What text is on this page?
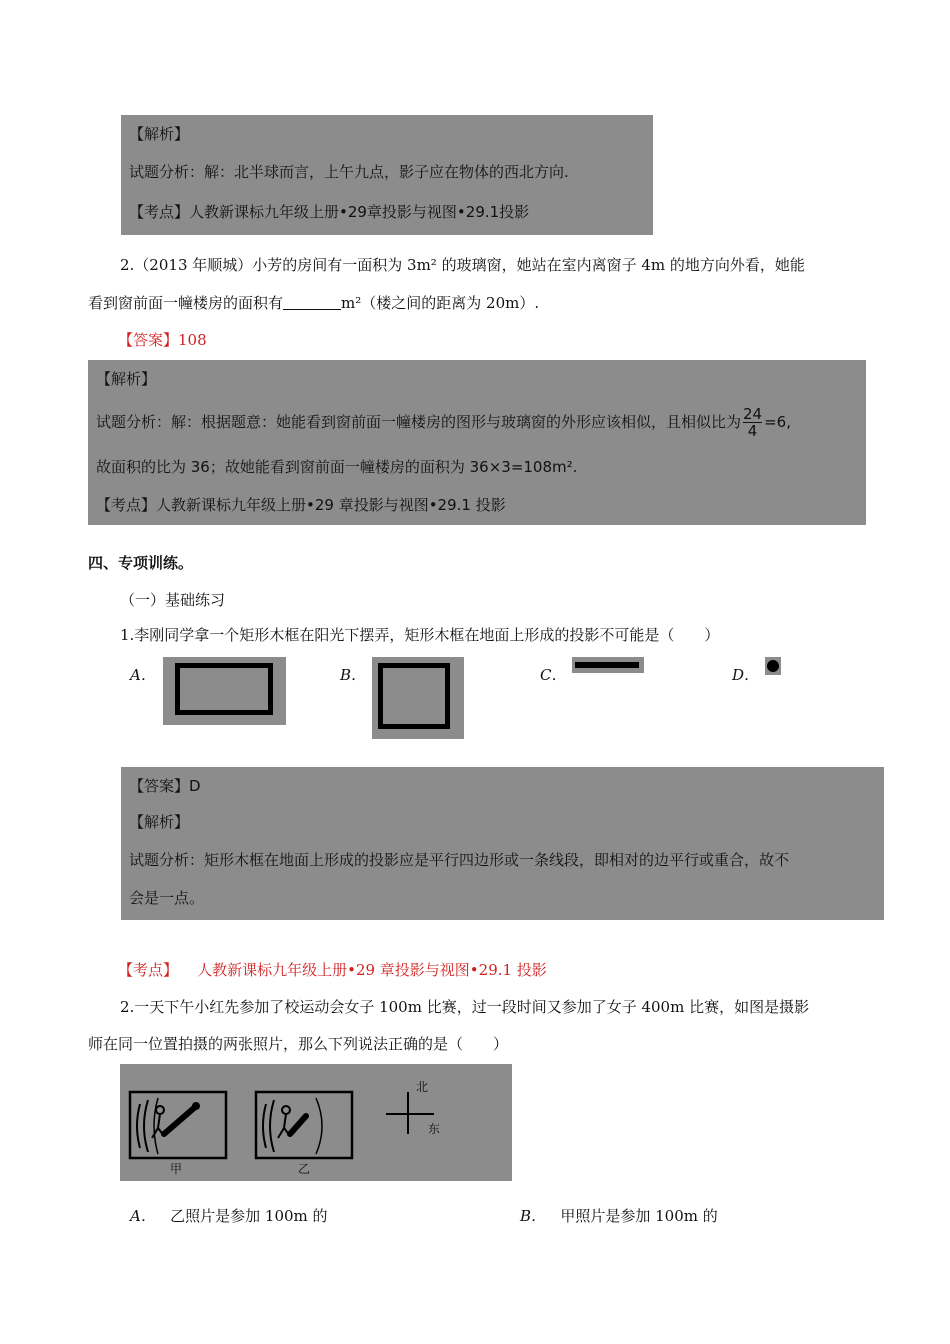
【解析】
试题分析：解：北半球而言，上午九点，影子应在物体的西北方向.
【考点】人教新课标九年级上册•29章投影与视图•29.1投影
2.（2013 年顺城）小芳的房间有一面积为 3m² 的玻璃窗，她站在室内离窗子 4m 的地方向外看，她能
看到窗前面一幢楼房的面积有	m²（楼之间的距离为 20m）.
【答案】108
【解析】
试题分析：解：根据题意：她能看到窗前面一幢楼房的图形与玻璃窗的外形应该相似，且相似比为 $\frac{24}{4} =6$,
故面积的比为 36；故她能看到窗前面一幢楼房的面积为 36×3=108m².
【考点】人教新课标九年级上册•29 章投影与视图•29.1 投影
四、专项训练。
（一）基础练习
1.李刚同学拿一个矩形木框在阳光下摆弄，矩形木框在地面上形成的投影不可能是（　　）
A．	B．	C．	D．
【答案】D
【解析】
试题分析：矩形木框在地面上形成的投影应是平行四边形或一条线段，即相对的边平行或重合，故不
会是一点。
【考点】 人教新课标九年级上册•29 章投影与视图•29.1 投影
2.一天下午小红先参加了校运动会女子 100m 比赛，过一段时间又参加了女子 400m 比赛，如图是摄影
师在同一位置拍摄的两张照片，那么下列说法正确的是（　　）
甲	乙
北
东
A． 乙照片是参加 100m 的	B． 甲照片是参加 100m 的
